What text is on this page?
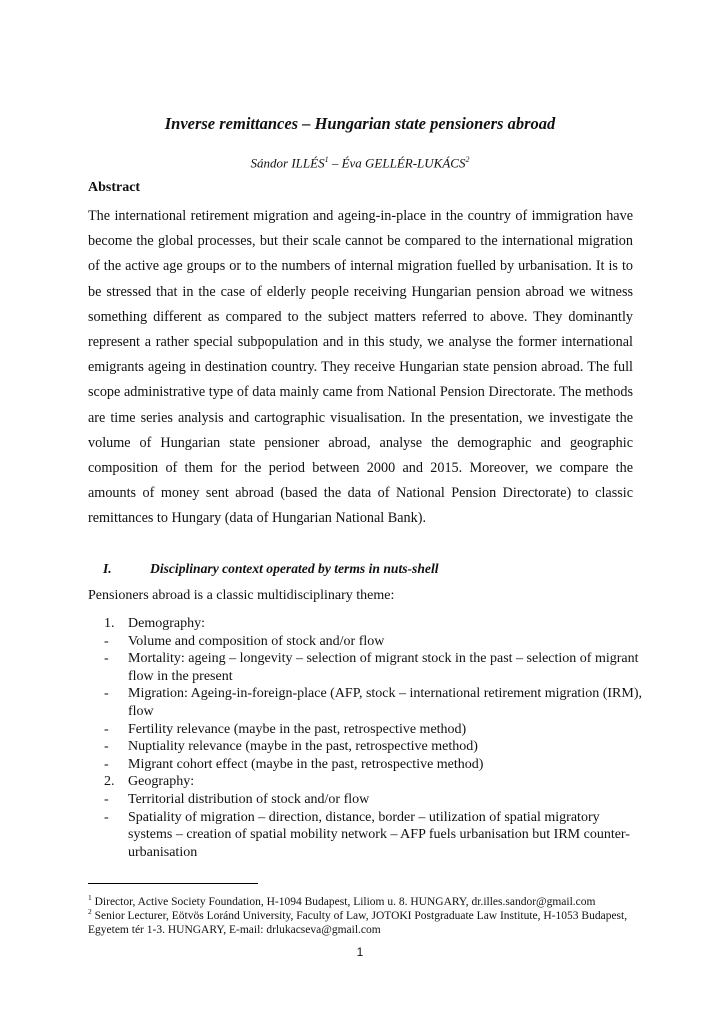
Inverse remittances – Hungarian state pensioners abroad
Sándor ILLÉS$^1$ – Éva GELLÉR-LUKÁCS$^2$
Abstract

The international retirement migration and ageing-in-place in the country of immigration have become the global processes, but their scale cannot be compared to the international migration of the active age groups or to the numbers of internal migration fuelled by urbanisation. It is to be stressed that in the case of elderly people receiving Hungarian pension abroad we witness something different as compared to the subject matters referred to above. They dominantly represent a rather special subpopulation and in this study, we analyse the former international emigrants ageing in destination country. They receive Hungarian state pension abroad. The full scope administrative type of data mainly came from National Pension Directorate. The methods are time series analysis and cartographic visualisation. In the presentation, we investigate the volume of Hungarian state pensioner abroad, analyse the demographic and geographic composition of them for the period between 2000 and 2015. Moreover, we compare the amounts of money sent abroad (based the data of National Pension Directorate) to classic remittances to Hungary (data of Hungarian National Bank).

I.	Disciplinary context operated by terms in nuts-shell
Pensioners abroad is a classic multidisciplinary theme:
1. Demography:
- Volume and composition of stock and/or flow
- Mortality: ageing – longevity – selection of migrant stock in the past – selection of migrant flow in the present
- Migration: Ageing-in-foreign-place (AFP, stock – international retirement migration (IRM), flow
- Fertility relevance (maybe in the past, retrospective method)
- Nuptiality relevance (maybe in the past, retrospective method)
- Migrant cohort effect (maybe in the past, retrospective method)
2. Geography:
- Territorial distribution of stock and/or flow
- Spatiality of migration – direction, distance, border – utilization of spatial migratory systems – creation of spatial mobility network – AFP fuels urbanisation but IRM counter-urbanisation
$^1$ Director, Active Society Foundation, H-1094 Budapest, Liliom u. 8. HUNGARY, dr.illes.sandor@gmail.com
$^2$ Senior Lecturer, Eötvös Loránd University, Faculty of Law, JOTOKI Postgraduate Law Institute, H-1053 Budapest, Egyetem tér 1-3. HUNGARY, E-mail: drlukacseva@gmail.com
1
